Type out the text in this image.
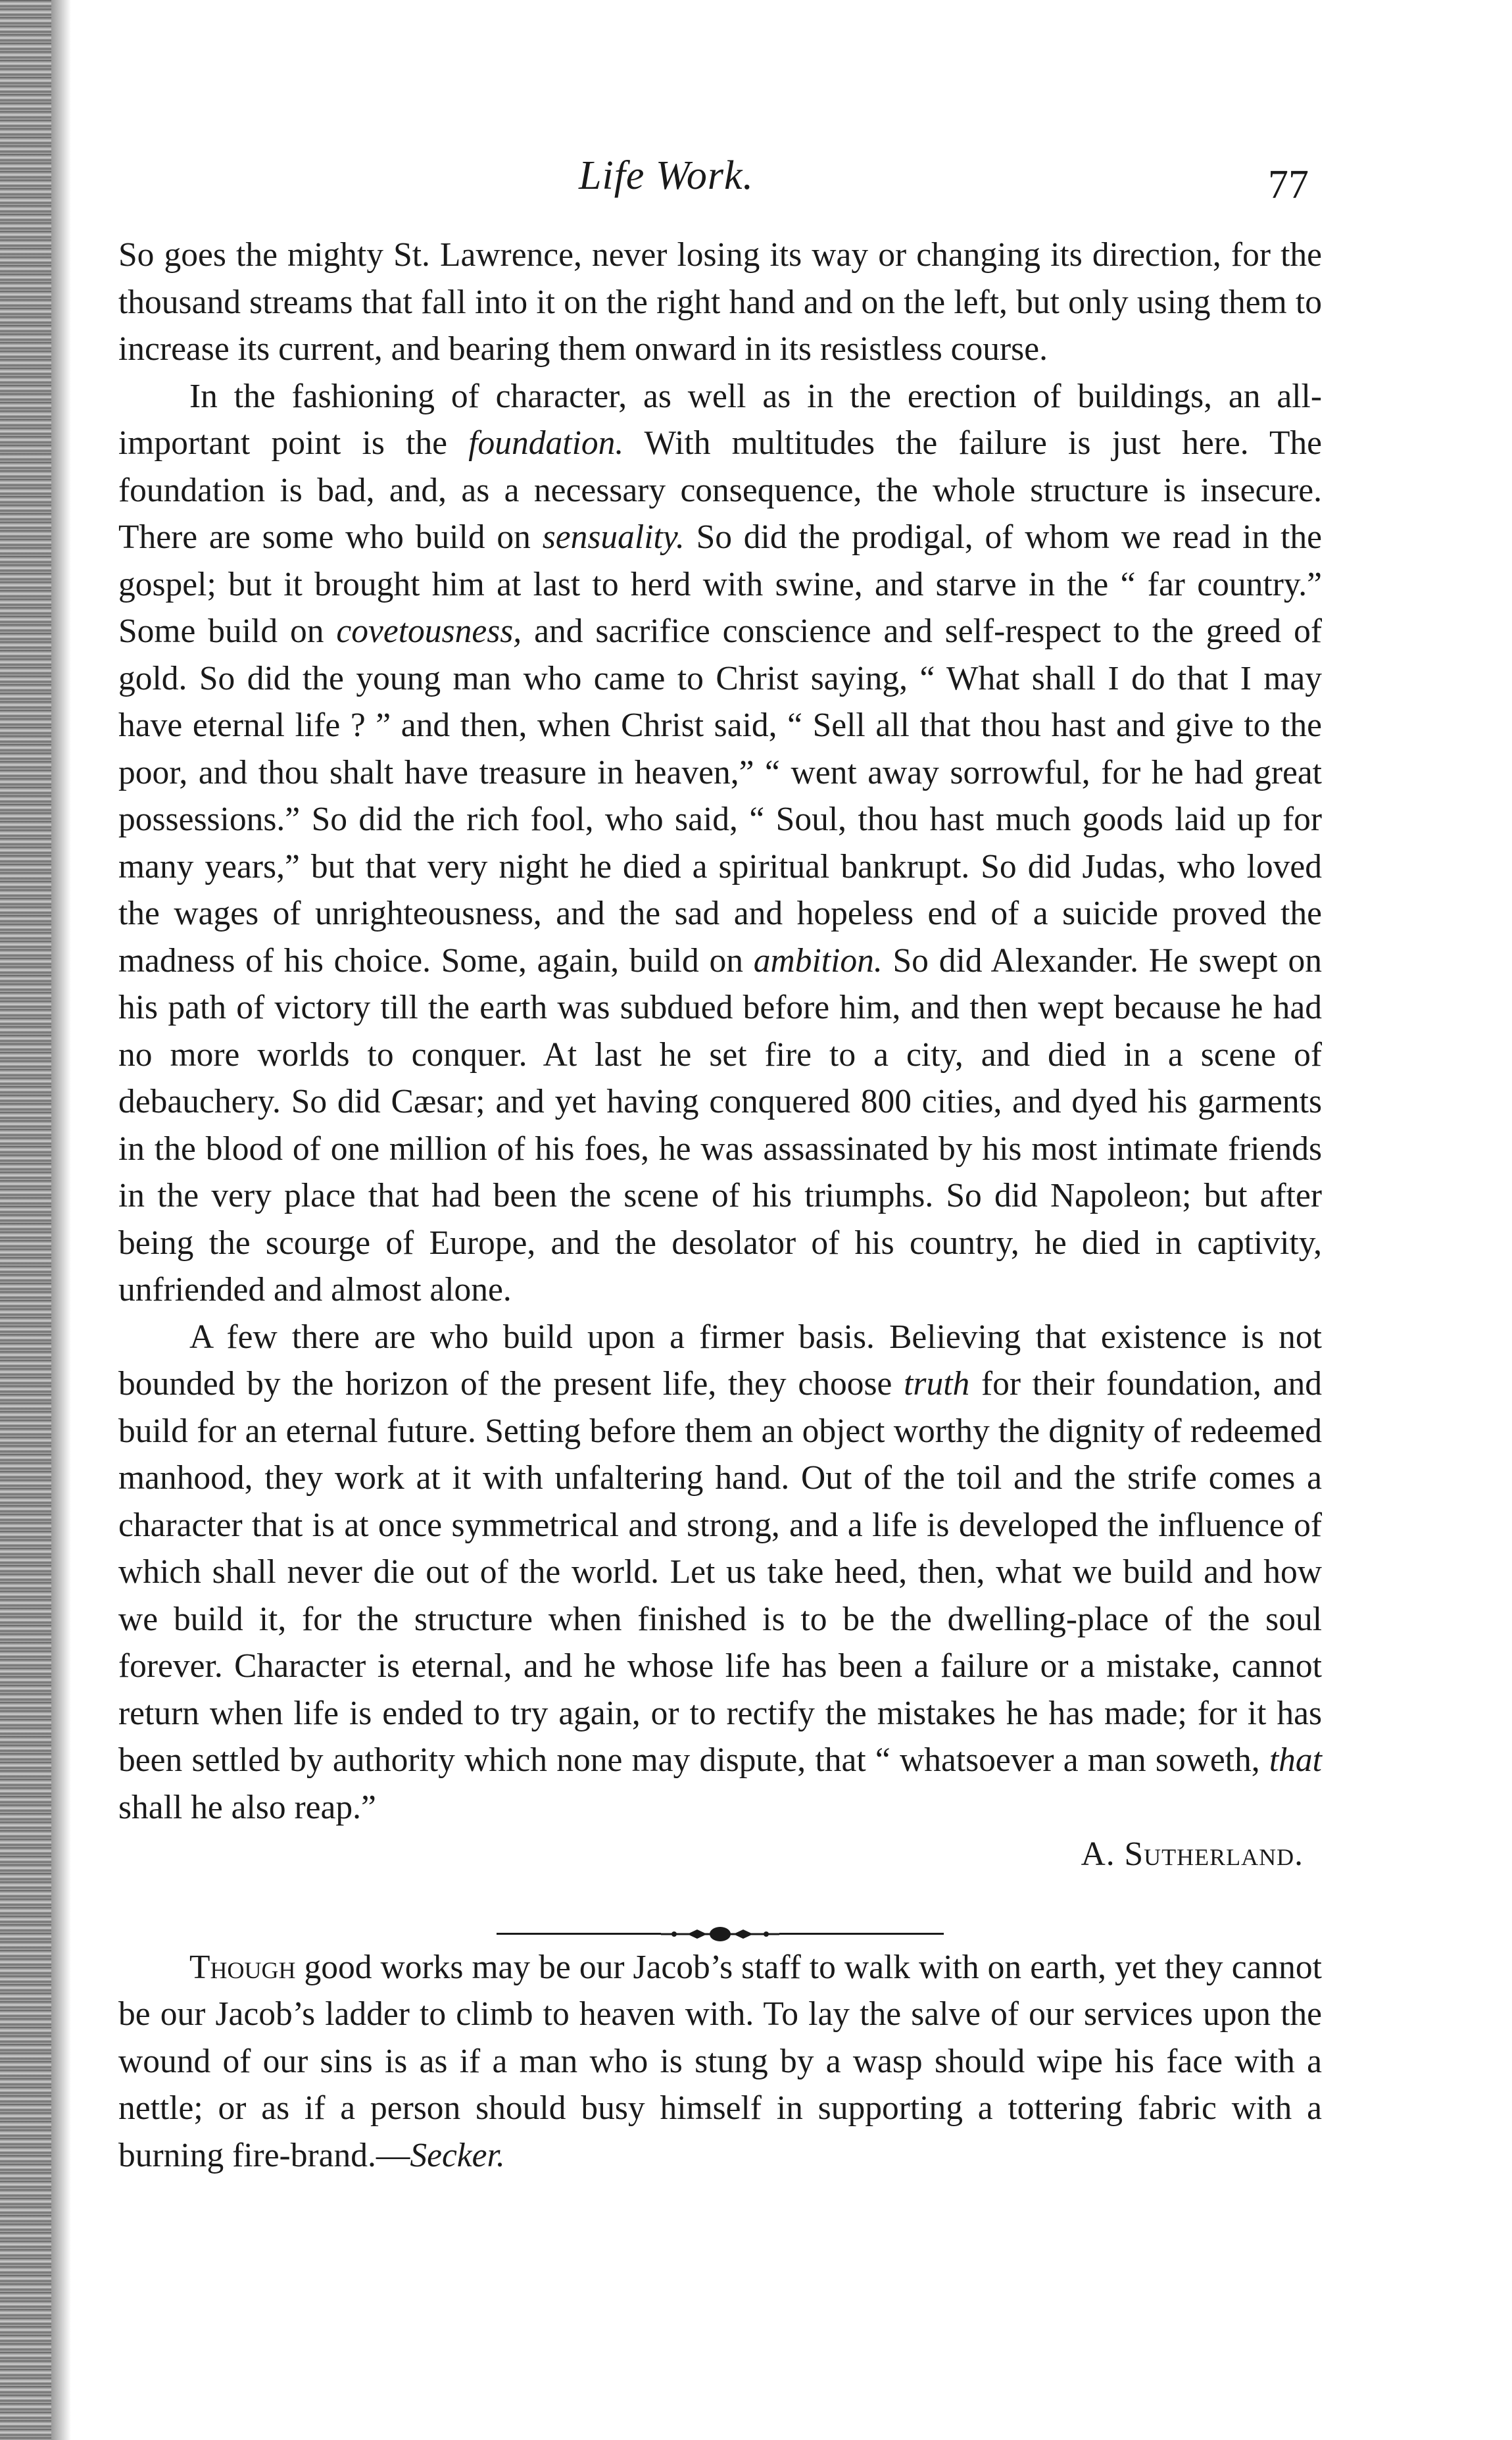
Life Work.	77

So goes the mighty St. Lawrence, never losing its way or changing its direction, for the thousand streams that fall into it on the right hand and on the left, but only using them to increase its current, and bearing them onward in its resistless course.

In the fashioning of character, as well as in the erection of buildings, an all-important point is the foundation. With multitudes the failure is just here. The foundation is bad, and, as a necessary consequence, the whole structure is insecure. There are some who build on sensuality. So did the prodigal, of whom we read in the gospel; but it brought him at last to herd with swine, and starve in the “ far country.” Some build on covetousness, and sacrifice conscience and self-respect to the greed of gold. So did the young man who came to Christ saying, “ What shall I do that I may have eternal life ? ” and then, when Christ said, “ Sell all that thou hast and give to the poor, and thou shalt have treasure in heaven,” “ went away sorrowful, for he had great possessions.” So did the rich fool, who said, “ Soul, thou hast much goods laid up for many years,” but that very night he died a spiritual bankrupt. So did Judas, who loved the wages of unrighteousness, and the sad and hopeless end of a suicide proved the madness of his choice. Some, again, build on ambition. So did Alexander. He swept on his path of victory till the earth was subdued before him, and then wept because he had no more worlds to conquer. At last he set fire to a city, and died in a scene of debauchery. So did Cæsar; and yet having conquered 800 cities, and dyed his garments in the blood of one million of his foes, he was assassinated by his most intimate friends in the very place that had been the scene of his triumphs. So did Napoleon; but after being the scourge of Europe, and the desolator of his country, he died in captivity, unfriended and almost alone.

A few there are who build upon a firmer basis. Believing that existence is not bounded by the horizon of the present life, they choose truth for their foundation, and build for an eternal future. Setting before them an object worthy the dignity of redeemed manhood, they work at it with unfaltering hand. Out of the toil and the strife comes a character that is at once symmetrical and strong, and a life is developed the influence of which shall never die out of the world. Let us take heed, then, what we build and how we build it, for the structure when finished is to be the dwelling-place of the soul forever. Character is eternal, and he whose life has been a failure or a mistake, cannot return when life is ended to try again, or to rectify the mistakes he has made; for it has been settled by authority which none may dispute, that “ whatsoever a man soweth, that shall he also reap.”

A. Sutherland.

Though good works may be our Jacob’s staff to walk with on earth, yet they cannot be our Jacob’s ladder to climb to heaven with. To lay the salve of our services upon the wound of our sins is as if a man who is stung by a wasp should wipe his face with a nettle; or as if a person should busy himself in supporting a tottering fabric with a burning fire-brand.—Secker.
